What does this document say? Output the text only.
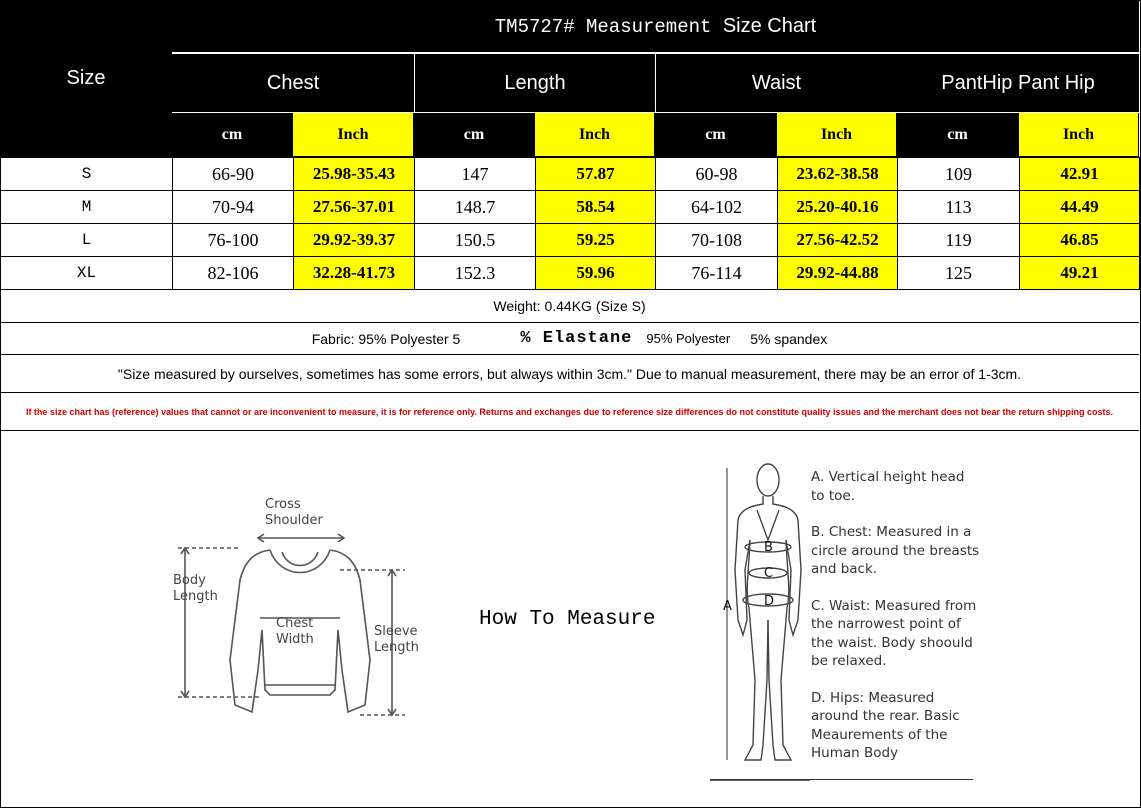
Size
TM5727# Measurement
Size Chart
Chest	Length	Waist	PantHip Pant Hip
cm	Inch	cm	Inch	cm	Inch	cm	Inch
S	66-90	25.98-35.43	147	57.87	60-98	23.62-38.58	109	42.91
M	70-94	27.56-37.01	148.7	58.54	64-102	25.20-40.16	113	44.49
L	76-100	29.92-39.37	150.5	59.25	70-108	27.56-42.52	119	46.85
XL	82-106	32.28-41.73	152.3	59.96	76-114	29.92-44.88	125	49.21
Weight: 0.44KG (Size S)
Fabric: 95% Polyester 5	% Elastane 95% Polyester 5% spandex
"Size measured by ourselves, sometimes has some errors, but always within 3cm." Due to manual measurement, there may be an error of 1-3cm.
If the size chart has (reference) values that cannot or are inconvenient to measure, it is for reference only. Returns and exchanges due to reference size differences do not constitute quality issues and the merchant does not bear the return shipping costs.
Cross
Shoulder
Body
Length
Chest
Width
Sleeve
Length
How To Measure
B
C
D
A
A. Vertical height head to toe.
B. Chest: Measured in a circle around the breasts and back.
C. Waist: Measured from the narrowest point of the waist. Body shoould be relaxed.
D. Hips: Measured around the rear. Basic Meaurements of the Human Body
